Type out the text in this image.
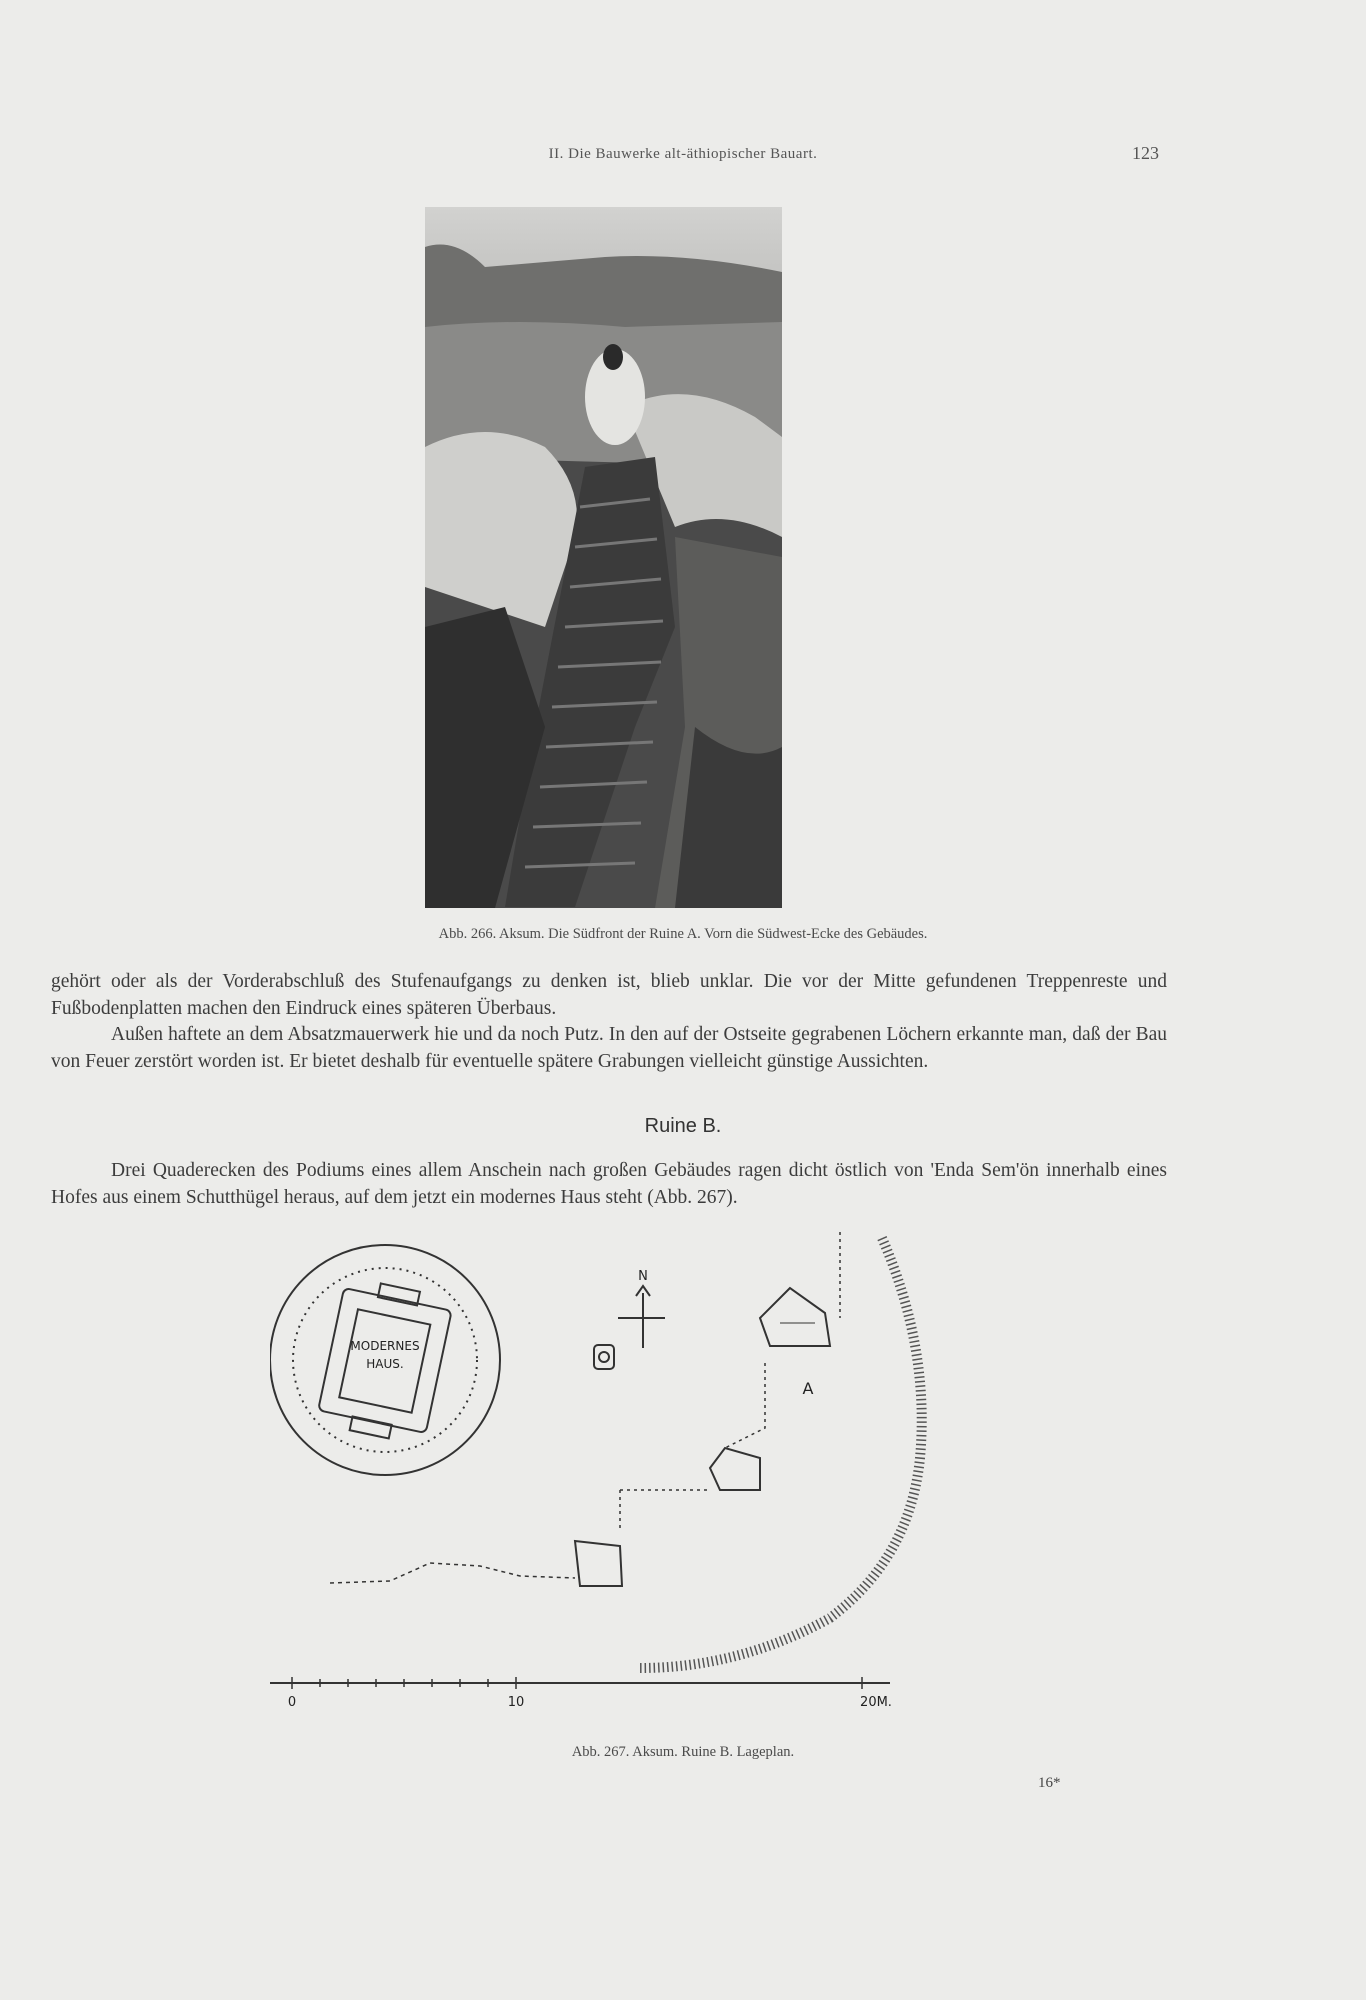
II. Die Bauwerke alt-äthiopischer Bauart.	123
Abb. 266. Aksum. Die Südfront der Ruine A. Vorn die Südwest-Ecke des Gebäudes.

gehört oder als der Vorderabschluß des Stufenaufgangs zu denken ist, blieb unklar. Die vor der Mitte gefundenen Treppenreste und Fußbodenplatten machen den Eindruck eines späteren Überbaus.

Außen haftete an dem Absatzmauerwerk hie und da noch Putz. In den auf der Ostseite gegrabenen Löchern erkannte man, daß der Bau von Feuer zerstört worden ist. Er bietet deshalb für eventuelle spätere Grabungen vielleicht günstige Aussichten.

Ruine B.

Drei Quaderecken des Podiums eines allem Anschein nach großen Gebäudes ragen dicht östlich von 'Enda Sem'ön innerhalb eines Hofes aus einem Schutthügel heraus, auf dem jetzt ein modernes Haus steht (Abb. 267).

MODERNES
HAUS.
N
A
0	10	20M.
Abb. 267. Aksum. Ruine B. Lageplan.
16*
